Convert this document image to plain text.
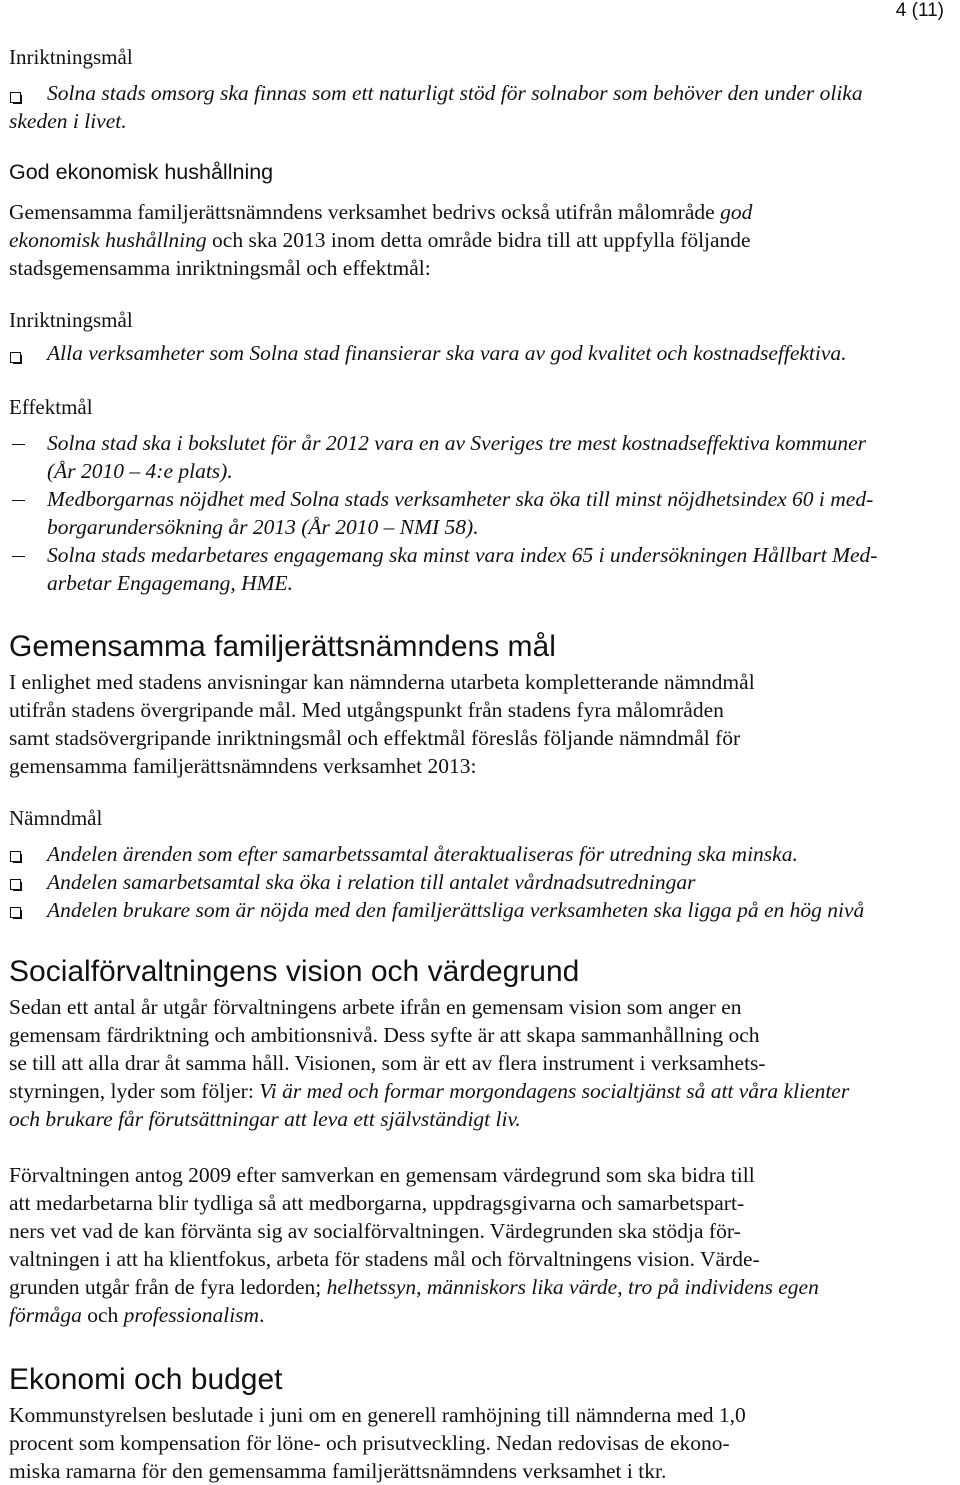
4 (11)
Inriktningsmål
Solna stads omsorg ska finnas som ett naturligt stöd för solnabor som behöver den under olika
skeden i livet.
God ekonomisk hushållning
Gemensamma familjerättsnämndens verksamhet bedrivs också utifrån målområde god
ekonomisk hushållning och ska 2013 inom detta område bidra till att uppfylla följande
stadsgemensamma inriktningsmål och effektmål:
Inriktningsmål
Alla verksamheter som Solna stad finansierar ska vara av god kvalitet och kostnadseffektiva.
Effektmål
Solna stad ska i bokslutet för år 2012 vara en av Sveriges tre mest kostnadseffektiva kommuner
(År 2010 – 4:e plats).
Medborgarnas nöjdhet med Solna stads verksamheter ska öka till minst nöjdhetsindex 60 i med-
borgarundersökning år 2013 (År 2010 – NMI 58).
Solna stads medarbetares engagemang ska minst vara index 65 i undersökningen Hållbart Med-
arbetar Engagemang, HME.
Gemensamma familjerättsnämndens mål
I enlighet med stadens anvisningar kan nämnderna utarbeta kompletterande nämndmål
utifrån stadens övergripande mål. Med utgångspunkt från stadens fyra målområden
samt stadsövergripande inriktningsmål och effektmål föreslås följande nämndmål för
gemensamma familjerättsnämndens verksamhet 2013:
Nämndmål
Andelen ärenden som efter samarbetssamtal återaktualiseras för utredning ska minska.
Andelen samarbetsamtal ska öka i relation till antalet vårdnadsutredningar
Andelen brukare som är nöjda med den familjerättsliga verksamheten ska ligga på en hög nivå
Socialförvaltningens vision och värdegrund
Sedan ett antal år utgår förvaltningens arbete ifrån en gemensam vision som anger en
gemensam färdriktning och ambitionsnivå. Dess syfte är att skapa sammanhållning och
se till att alla drar åt samma håll. Visionen, som är ett av flera instrument i verksamhets-
styrningen, lyder som följer: Vi är med och formar morgondagens socialtjänst så att våra klienter
och brukare får förutsättningar att leva ett självständigt liv.
Förvaltningen antog 2009 efter samverkan en gemensam värdegrund som ska bidra till
att medarbetarna blir tydliga så att medborgarna, uppdragsgivarna och samarbetspart-
ners vet vad de kan förvänta sig av socialförvaltningen. Värdegrunden ska stödja för-
valtningen i att ha klientfokus, arbeta för stadens mål och förvaltningens vision. Värde-
grunden utgår från de fyra ledorden; helhetssyn, människors lika värde, tro på individens egen
förmåga och professionalism.
Ekonomi och budget
Kommunstyrelsen beslutade i juni om en generell ramhöjning till nämnderna med 1,0
procent som kompensation för löne- och prisutveckling. Nedan redovisas de ekono-
miska ramarna för den gemensamma familjerättsnämndens verksamhet i tkr.
